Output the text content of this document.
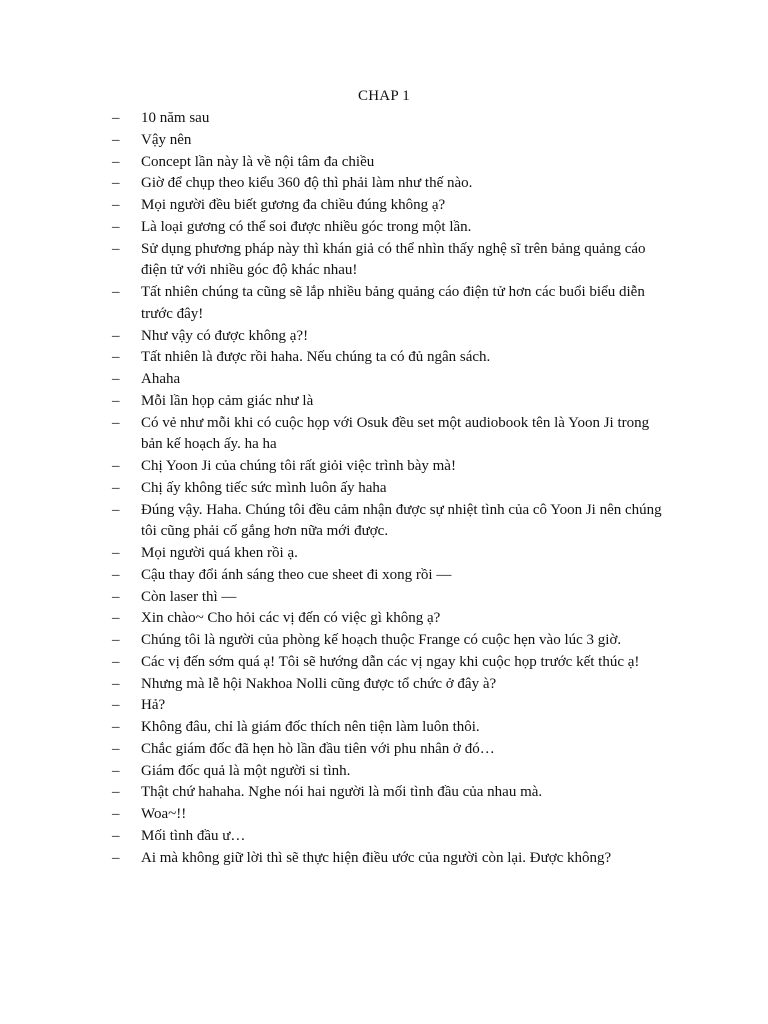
CHAP 1
–	10 năm sau
–	Vậy nên
–	Concept lần này là về nội tâm đa chiều
–	Giờ để chụp theo kiểu 360 độ thì phải làm như thế nào.
–	Mọi người đều biết gương đa chiều đúng không ạ?
–	Là loại gương có thể soi được nhiều góc trong một lần.
–	Sử dụng phương pháp này thì khán giả có thể nhìn thấy nghệ sĩ trên bảng quảng cáo điện tử với nhiều góc độ khác nhau!
–	Tất nhiên chúng ta cũng sẽ lắp nhiều bảng quảng cáo điện tử hơn các buổi biểu diễn trước đây!
–	Như vậy có được không ạ?!
–	Tất nhiên là được rồi haha. Nếu chúng ta có đủ ngân sách.
–	Ahaha
–	Mỗi lần họp cảm giác như là
–	Có vẻ như mỗi khi có cuộc họp với Osuk đều set một audiobook tên là Yoon Ji trong bản kế hoạch ấy. ha ha
–	Chị Yoon Ji của chúng tôi rất giỏi việc trình bày mà!
–	Chị ấy không tiếc sức mình luôn ấy haha
–	Đúng vậy. Haha. Chúng tôi đều cảm nhận được sự nhiệt tình của cô Yoon Ji nên chúng tôi cũng phải cố gắng hơn nữa mới được.
–	Mọi người quá khen rồi ạ.
–	Cậu thay đổi ánh sáng theo cue sheet đi xong rồi —
–	Còn laser thì —
–	Xin chào~ Cho hỏi các vị đến có việc gì không ạ?
–	Chúng tôi là người của phòng kế hoạch thuộc Frange có cuộc hẹn vào lúc 3 giờ.
–	Các vị đến sớm quá ạ! Tôi sẽ hướng dẫn các vị ngay khi cuộc họp trước kết thúc ạ!
–	Nhưng mà lễ hội Nakhoa Nolli cũng được tổ chức ở đây à?
–	Hả?
–	Không đâu, chỉ là giám đốc thích nên tiện làm luôn thôi.
–	Chắc giám đốc đã hẹn hò lần đầu tiên với phu nhân ở đó…
–	Giám đốc quả là một người si tình.
–	Thật chứ hahaha. Nghe nói hai người là mối tình đầu của nhau mà.
–	Woa~!!
–	Mối tình đầu ư…
–	Ai mà không giữ lời thì sẽ thực hiện điều ước của người còn lại. Được không?
